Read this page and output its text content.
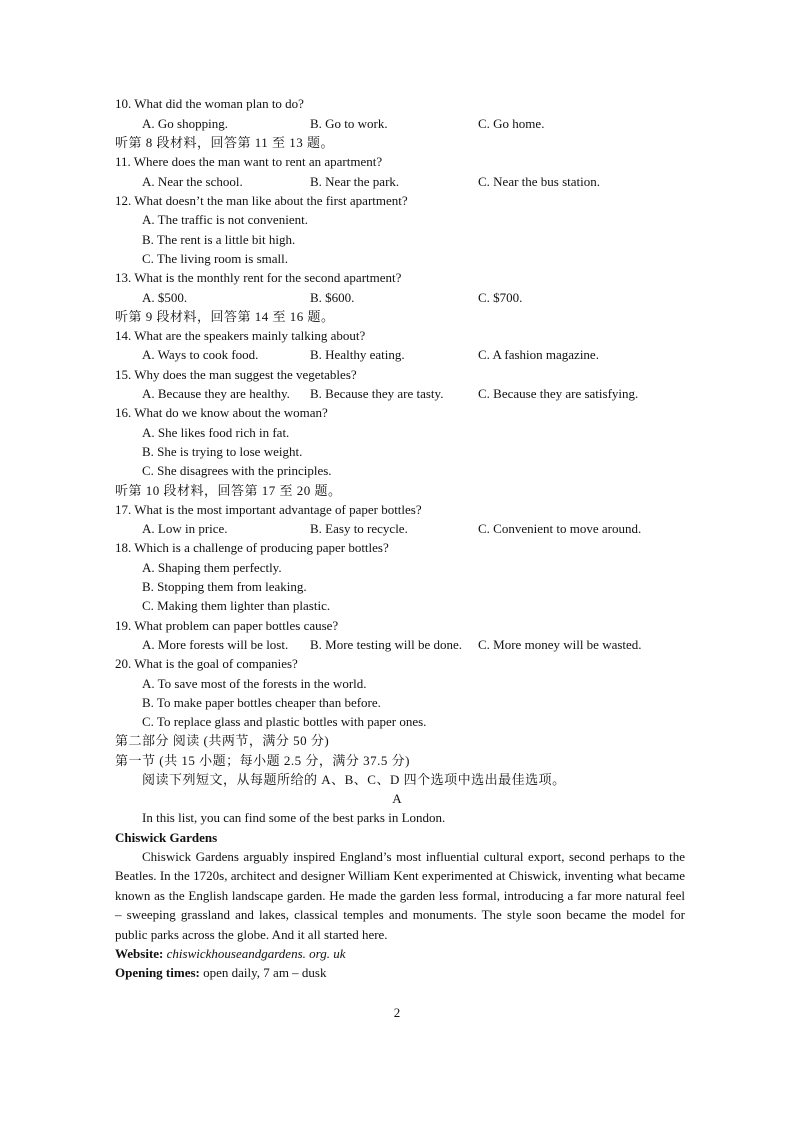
10. What did the woman plan to do?
A. Go shopping.	B. Go to work.	C. Go home.
听第 8 段材料，回答第 11 至 13 题。
11. Where does the man want to rent an apartment?
A. Near the school.	B. Near the park.	C. Near the bus station.
12. What doesn’t the man like about the first apartment?
A. The traffic is not convenient.
B. The rent is a little bit high.
C. The living room is small.
13. What is the monthly rent for the second apartment?
A. $500.	B. $600.	C. $700.
听第 9 段材料，回答第 14 至 16 题。
14. What are the speakers mainly talking about?
A. Ways to cook food.	B. Healthy eating.	C. A fashion magazine.
15. Why does the man suggest the vegetables?
A. Because they are healthy. B. Because they are tasty.	C. Because they are satisfying.
16. What do we know about the woman?
A. She likes food rich in fat.
B. She is trying to lose weight.
C. She disagrees with the principles.
听第 10 段材料，回答第 17 至 20 题。
17. What is the most important advantage of paper bottles?
A. Low in price.	B. Easy to recycle.	C. Convenient to move around.
18. Which is a challenge of producing paper bottles?
A. Shaping them perfectly.
B. Stopping them from leaking.
C. Making them lighter than plastic.
19. What problem can paper bottles cause?
A. More forests will be lost. B. More testing will be done. C. More money will be wasted.
20. What is the goal of companies?
A. To save most of the forests in the world.
B. To make paper bottles cheaper than before.
C. To replace glass and plastic bottles with paper ones.
第二部分 阅读 (共两节，满分 50 分)
第一节 (共 15 小题；每小题 2.5 分，满分 37.5 分)
阅读下列短文，从每题所给的 A、B、C、D 四个选项中选出最佳选项。
A
In this list, you can find some of the best parks in London.
Chiswick Gardens

Chiswick Gardens arguably inspired England’s most influential cultural export, second perhaps to the Beatles. In the 1720s, architect and designer William Kent experimented at Chiswick, inventing what became known as the English landscape garden. He made the garden less formal, introducing a far more natural feel – sweeping grassland and lakes, classical temples and monuments. The style soon became the model for public parks across the globe. And it all started here.

Website: chiswickhouseandgardens. org. uk
Opening times: open daily, 7 am – dusk
2
